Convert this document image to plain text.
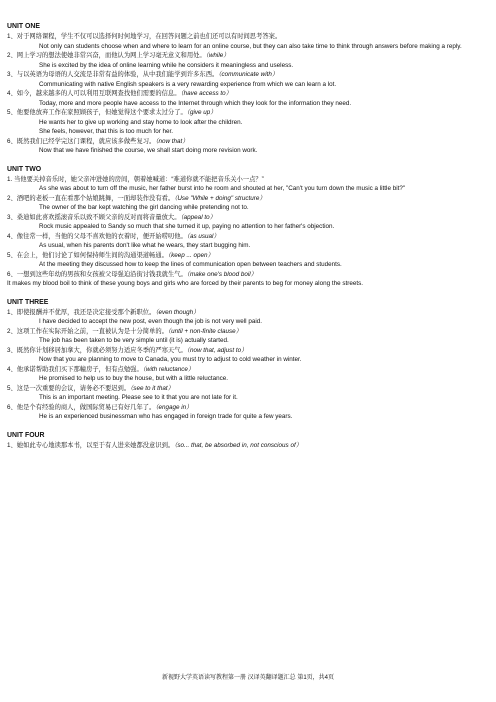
UNIT ONE
1、对于网络课程，学生不仅可以选择何时何地学习，在回答问题之前也们还可以有时间思考答案。
Not only can students choose when and where to learn for an online course, but they can also take time to think through answers before making a reply.
2、网上学习的想法使她非常兴奋，而他认为网上学习毫无意义和用处。（while）
She is excited by the idea of online learning while he considers it meaningless and useless.
3、与以英语为母语的人交流是非常有益的体验，从中我们能学到许多东西。（communicate with）
Communicating with native English speakers is a very rewarding experience from which we can learn a lot.
4、如今，越来越多的人可以利用互联网查找他们需要的信息。（have access to）
Today, more and more people have access to the Internet through which they look for the information they need.
5、他要他放弃工作在家照顾孩子，但她觉得这个要求太过分了。（give up）
He wants her to give up working and stay home to look after the children.
She feels, however, that this is too much for her.
6、既然我们已经学完这门课程，就应该多做些复习。（now that）
Now that we have finished the course, we shall start doing more revision work.
UNIT TWO
1. 当他要关掉音乐时，她父亲冲进她的房间，朝着她喊道：“难道你就不能把音乐关小一点？”
As she was about to turn off the music, her father burst into he room and shouted at her, "Can't you turn down the music a little bit?"
2、酒吧的老板一直在看那个姑娘跳舞，一面却装作没有看。（Use "While + doing" structure）
The owner of the bar kept watching the girl dancing while pretending not to.
3、桑迪如此喜欢摇滚音乐以致不顾父亲的反对而将音量放大。（appeal to）
Rock music appealed to Sandy so much that she turned it up, paying no attention to her father's objection.
4、像往常一样，当他的父母不喜欢他的衣着时，便开始唠叨他。（as usual）
As usual, when his parents don't like what he wears, they start bugging him.
5、在会上，他们讨论了如何保持师生间的沟通渠道畅通。（keep ... open）
At the meeting they discussed how to keep the lines of communication open between teachers and students.
6、一想到这些年幼的男孩和女孩被父母强迫沿街讨钱我就生气。（make one's blood boil）
It makes my blood boil to think of these young boys and girls who are forced by their parents to beg for money along the streets.
UNIT THREE
1、即使报酬并不优厚，我还是决定接受那个新职位。（even though）
I have decided to accept the new post, even though the job is not very well paid.
2、这项工作在实际开始之前，一直被认为是十分简单的。（until + non-finite clause）
The job has been taken to be very simple until (it is) actually started.
3、既然你计划移居加拿大，你就必须努力适应冬季的严寒天气。（now that, adjust to）
Now that you are planning to move to Canada, you must try to adjust to cold weather in winter.
4、他承诺帮助我们买下那幢房子，但有点勉强。（with reluctance）
He promised to help us to buy the house, but with a little reluctance.
5、这是一次重要的会议，请务必不要迟到。（see to it that）
This is an important meeting. Please see to it that you are not late for it.
6、他是个有经验的商人，做国际贸易已有好几年了。（engage in）
He is an experienced businessman who has engaged in foreign trade for quite a few years.
UNIT FOUR
1、她如此专心地读那本书，以至于有人进来她都没意识到。（so... that, be absorbed in, not conscious of）
新视野大学英语读写教程第一册 汉译英翻译题汇总 第1页，共4页
